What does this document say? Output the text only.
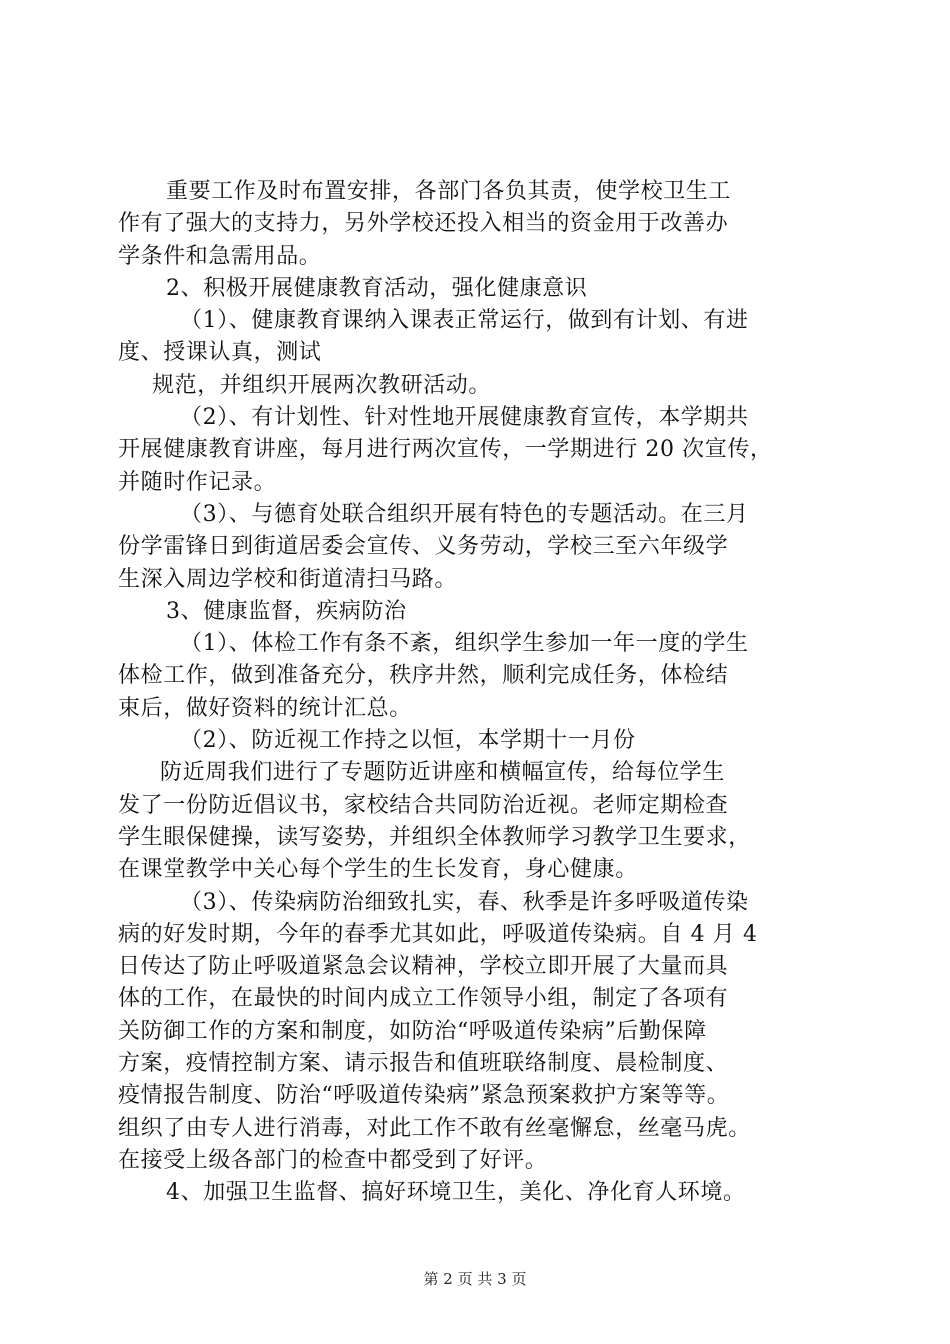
重要工作及时布置安排，各部门各负其责，使学校卫生工
作有了强大的支持力，另外学校还投入相当的资金用于改善办
学条件和急需用品。
2、积极开展健康教育活动，强化健康意识
（1）、健康教育课纳入课表正常运行，做到有计划、有进
度、授课认真，测试
规范，并组织开展两次教研活动。
（2）、有计划性、针对性地开展健康教育宣传，本学期共
开展健康教育讲座，每月进行两次宣传，一学期进行 20 次宣传，
并随时作记录。
（3）、与德育处联合组织开展有特色的专题活动。在三月
份学雷锋日到街道居委会宣传、义务劳动，学校三至六年级学
生深入周边学校和街道清扫马路。
3、健康监督，疾病防治
（1）、体检工作有条不紊，组织学生参加一年一度的学生
体检工作，做到准备充分，秩序井然，顺利完成任务，体检结
束后，做好资料的统计汇总。
（2）、防近视工作持之以恒，本学期十一月份
防近周我们进行了专题防近讲座和横幅宣传，给每位学生
发了一份防近倡议书，家校结合共同防治近视。老师定期检查
学生眼保健操，读写姿势，并组织全体教师学习教学卫生要求，
在课堂教学中关心每个学生的生长发育，身心健康。
（3）、传染病防治细致扎实，春、秋季是许多呼吸道传染
病的好发时期，今年的春季尤其如此，呼吸道传染病。自 4 月 4
日传达了防止呼吸道紧急会议精神，学校立即开展了大量而具
体的工作，在最快的时间内成立工作领导小组，制定了各项有
关防御工作的方案和制度，如防治“呼吸道传染病”后勤保障
方案，疫情控制方案、请示报告和值班联络制度、晨检制度、
疫情报告制度、防治“呼吸道传染病”紧急预案救护方案等等。
组织了由专人进行消毒，对此工作不敢有丝毫懈怠，丝毫马虎。
在接受上级各部门的检查中都受到了好评。
4、加强卫生监督、搞好环境卫生，美化、净化育人环境。
第 2 页 共 3 页
